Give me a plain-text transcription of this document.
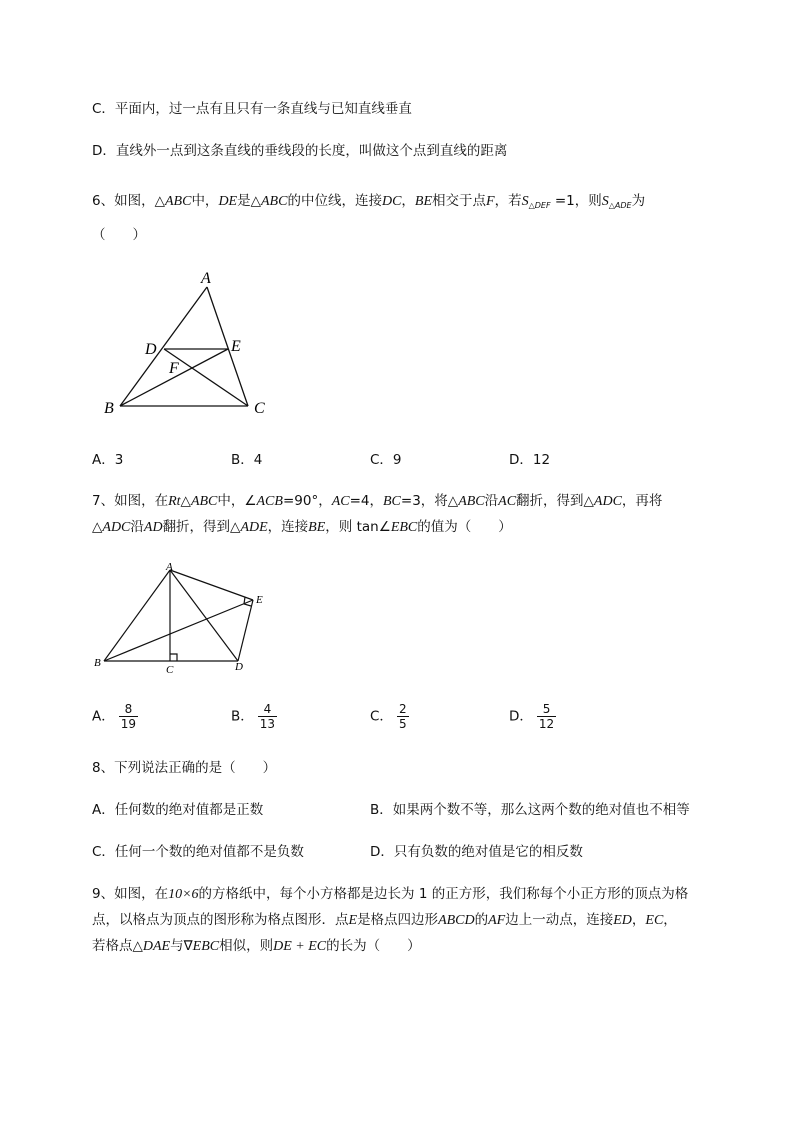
C．平面内，过一点有且只有一条直线与已知直线垂直
D．直线外一点到这条直线的垂线段的长度，叫做这个点到直线的距离
6、如图，△ABC中，DE是△ABC的中位线，连接DC，BE相交于点F，若$S_{\triangle DEF} =1$，则$S_{\triangle ADE}$为
（　　）
A
D	E
F
B	C
A．3	B．4	C．9	D．12
7、如图，在Rt△ABC中，∠ACB=90°，AC=4，BC=3，将△ABC沿AC翻折，得到△ADC，再将
△ADC沿AD翻折，得到△ADE，连接BE，则 tan∠EBC的值为（　　）
A
E
B
C	D
A． $\frac{8}{19}$	B． $\frac{4}{13}$	C． $\frac{2}{5}$	D． $\frac{5}{12}$
8、下列说法正确的是（　　）
A．任何数的绝对值都是正数	B．如果两个数不等，那么这两个数的绝对值也不相等
C．任何一个数的绝对值都不是负数	D．只有负数的绝对值是它的相反数
9、如图，在10×6的方格纸中，每个小方格都是边长为 1 的正方形，我们称每个小正方形的顶点为格
点，以格点为顶点的图形称为格点图形．点E是格点四边形ABCD的AF边上一动点，连接ED，EC，
若格点△DAE与∇EBC相似，则DE + EC的长为（　　）
